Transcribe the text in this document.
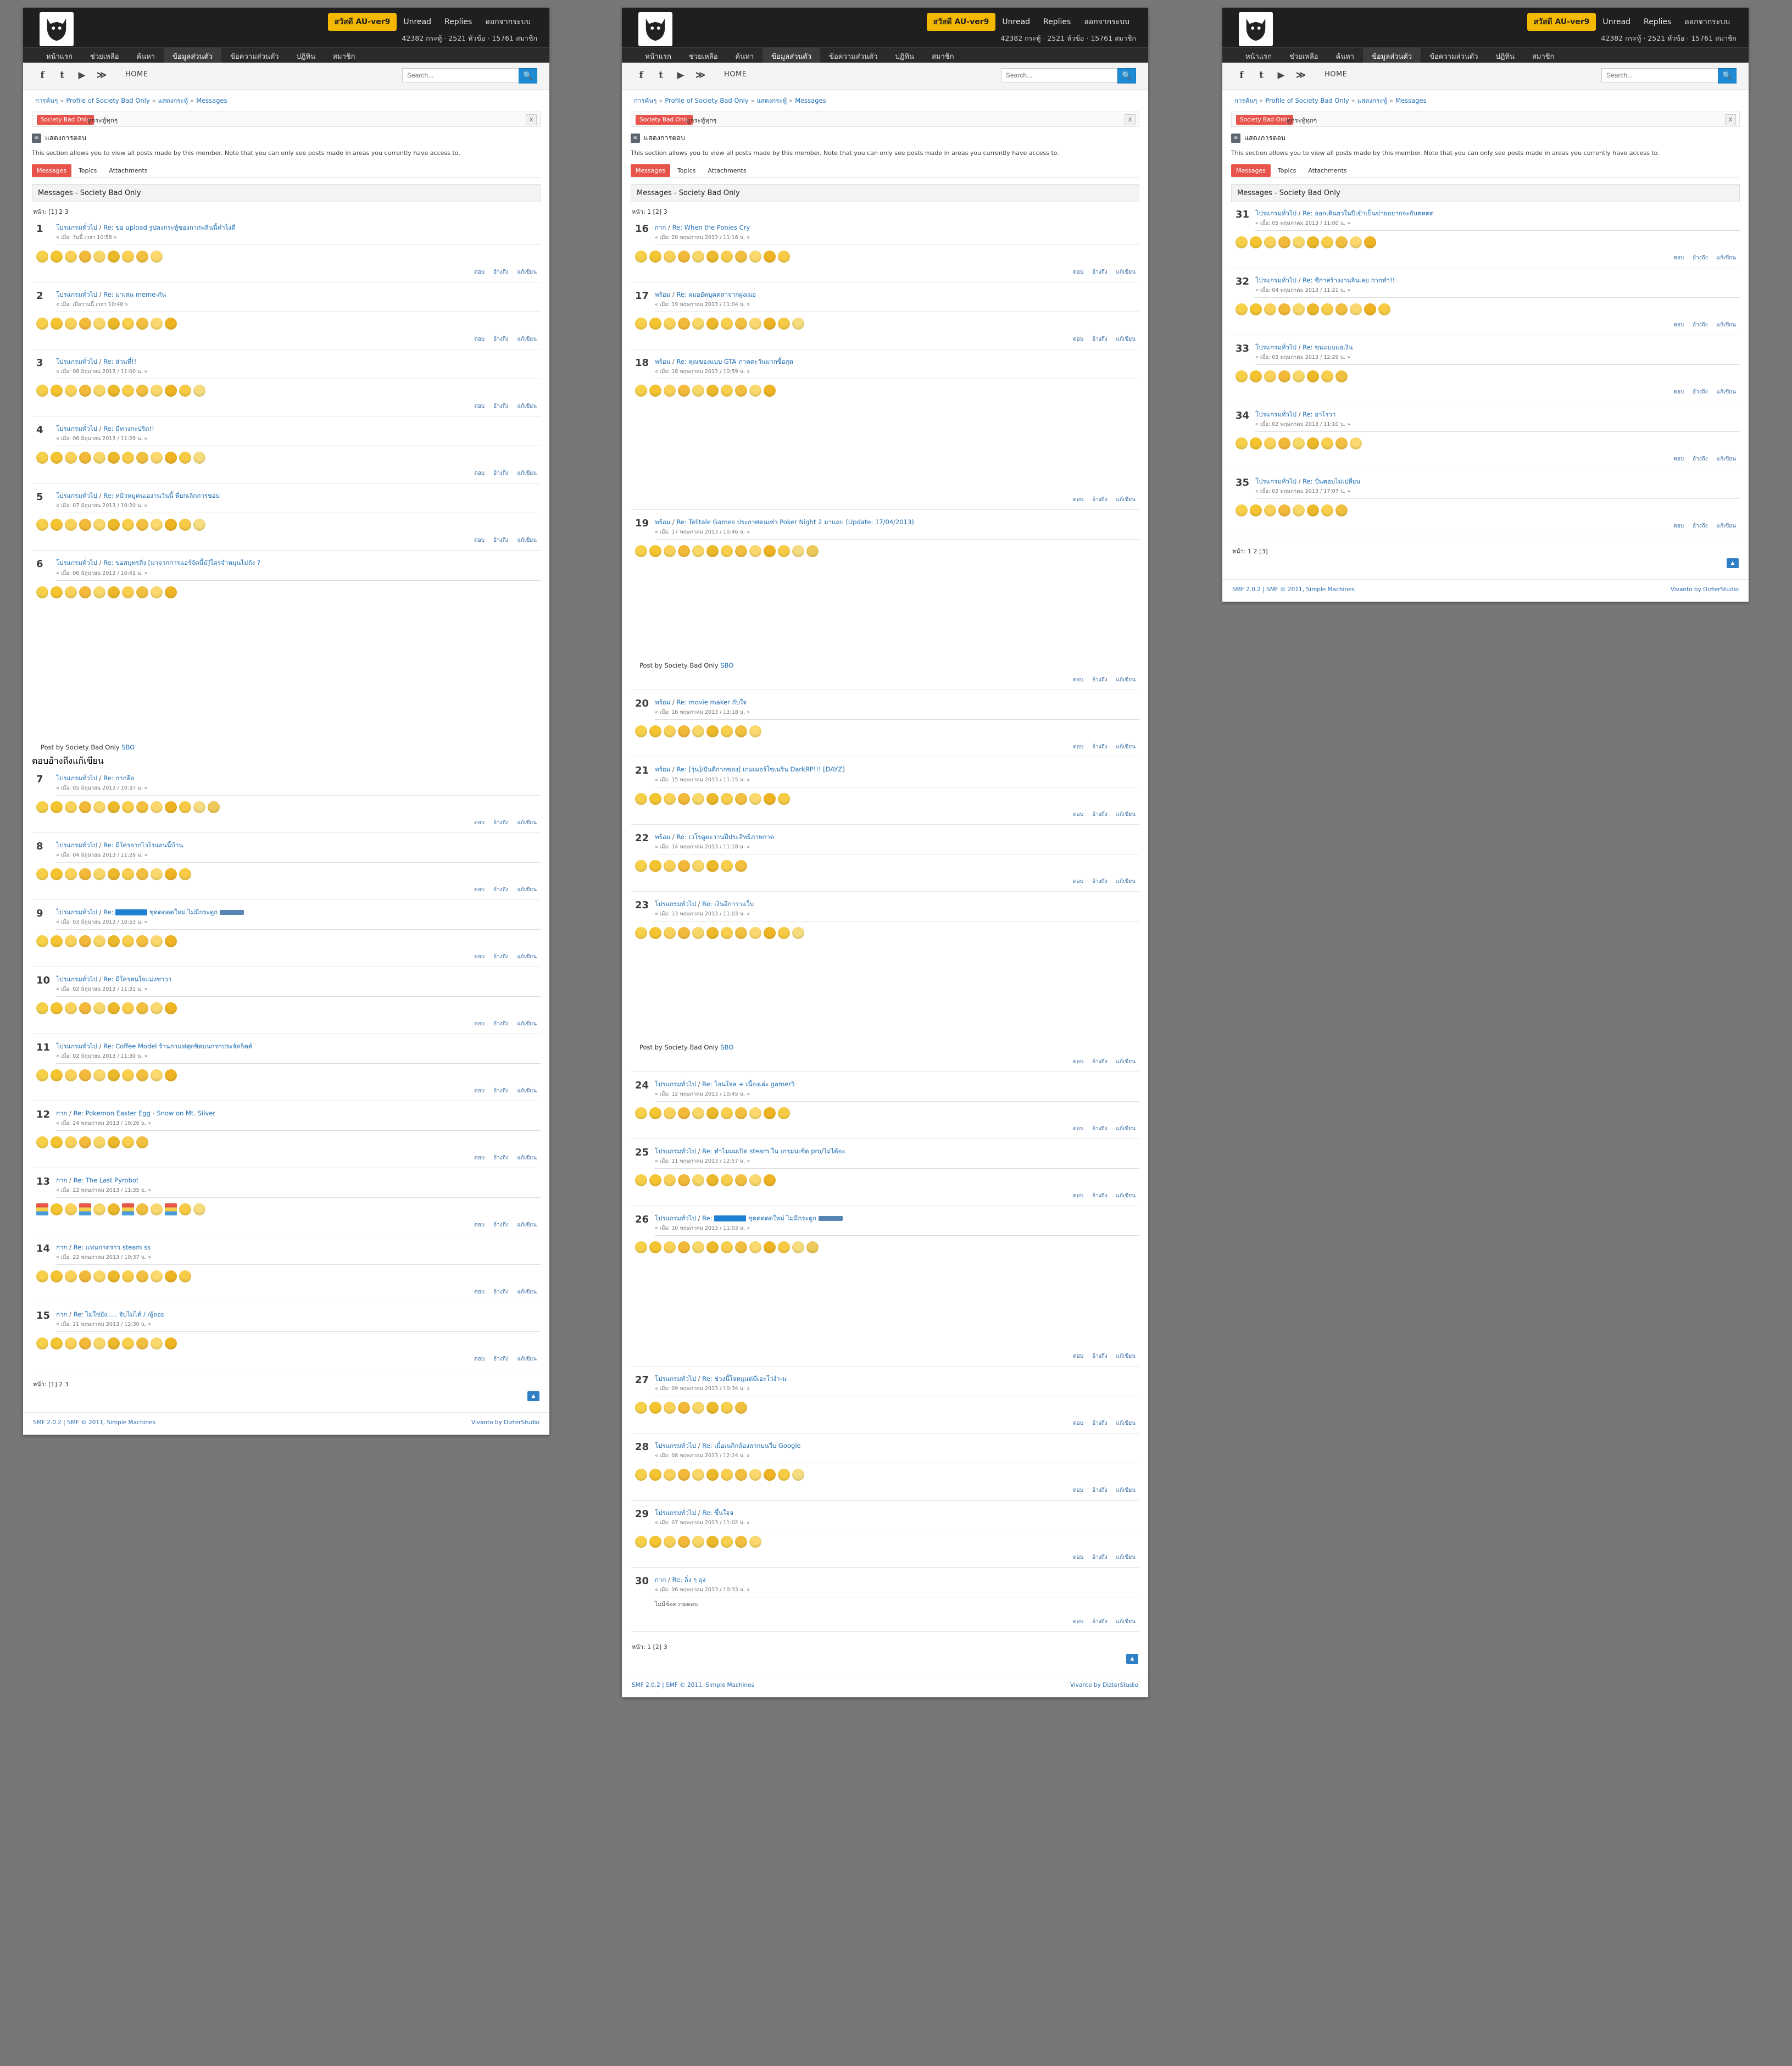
สวัสดี AU-ver9	Unread	Replies	ออกจากระบบ
42382 กระทู้ · 2521 หัวข้อ · 15761 สมาชิก
หน้าแรก	ช่วยเหลือ	ค้นหา	ข้อมูลส่วนตัว	ข้อความส่วนตัว	ปฏิทิน	สมาชิก
f	t	▶	≫	HOME
Search...	🔍
การค้นๆ » Profile of Society Bad Only » แสดงกระทู้ » Messages
Society Bad Only
ดูกระทู้ทุกๆ	X
≡ แสดงการตอบ
This section allows you to view all posts made by this member. Note that you can only see posts made in areas you currently have access to.
Messages	Topics	Attachments
Messages - Society Bad Only
หน้า: [1] 2 3
1 โปรแกรมทั่วไป / Re: ขอ upload รูปลงกระทู้ของกากพลินนี้ทำไงดี
« เมื่อ: วันนี้ เวลา 10:58 »
ตอบ	อ้างถึง	แก้เขียน
2 โปรแกรมทั่วไป / Re: มาเล่น meme-กัน
« เมื่อ: เมื่อวานนี้ เวลา 10:40 »
ตอบ	อ้างถึง	แก้เขียน
3 โปรแกรมทั่วไป / Re: ส่วนที่!!
« เมื่อ: 08 มิถุนายน 2013 / 11:00 น. »
ตอบ	อ้างถึง	แก้เขียน
4 โปรแกรมทั่วไป / Re: มีทางกะปริด!!
« เมื่อ: 06 มิถุนายน 2013 / 11:26 น. »
ตอบ	อ้างถึง	แก้เขียน
5 โปรแกรมทั่วไป / Re: หมิวหมูคนเองานวันนี้ พี่ยกเลิกการชอบ
« เมื่อ: 07 มิถุนายน 2013 / 10:20 น. »
ตอบ	อ้างถึง	แก้เขียน
6 โปรแกรมทั่วไป / Re: ขอสมุทรสิ่ง [มาจากการแอร์จัดนี้มั]ใครจำหมุนไม่ถัง ?
« เมื่อ: 06 มิถุนายน 2013 / 10:41 น. »
Post by Society Bad Only SBO
ตอบอ้างถึงแก้เขียน
7 โปรแกรมทั่วไป / Re: กากลือ
« เมื่อ: 05 มิถุนายน 2013 / 10:37 น. »
ตอบ	อ้างถึง	แก้เขียน
8 โปรแกรมทั่วไป / Re: มีใครจากไวไรแอนนี้บ้าน
« เมื่อ: 04 มิถุนายน 2013 / 11:26 น. »
ตอบ	อ้างถึง	แก้เขียน
9 โปรแกรมทั่วไป / Re:	ชุดดดดดใหม่ ไม่มีกระดูก
« เมื่อ: 03 มิถุนายน 2013 / 10:53 น. »
ตอบ	อ้างถึง	แก้เขียน
10 โปรแกรมทั่วไป / Re: มีใครสนใจแม่งชาวา
« เมื่อ: 02 มิถุนายน 2013 / 11:31 น. »
ตอบ	อ้างถึง	แก้เขียน
11 โปรแกรมทั่วไป / Re: Coffee Model ร้านกาแฟสุดชิดบนกรกประจัดจิตต์
« เมื่อ: 02 มิถุนายน 2013 / 11:30 น. »
ตอบ	อ้างถึง	แก้เขียน
12 กาก / Re: Pokemon Easter Egg - Snow on Mt. Silver
« เมื่อ: 24 พฤษภาคม 2013 / 10:26 น. »
ตอบ	อ้างถึง	แก้เขียน
13 กาก / Re: The Last Pyrobot
« เมื่อ: 22 พฤษภาคม 2013 / 11:35 น. »
ตอบ	อ้างถึง	แก้เขียน
14 กาก / Re: แฟนกาดราว steam ss
« เมื่อ: 22 พฤษภาคม 2013 / 10:37 น. »
ตอบ	อ้างถึง	แก้เขียน
15 กาก / Re: ไม่ใช่ยัง..... จับไม่ได้ / /ผู้ถอย
« เมื่อ: 21 พฤษภาคม 2013 / 12:30 น. »
ตอบ	อ้างถึง	แก้เขียน
หน้า: [1] 2 3
▲
SMF 2.0.2 | SMF © 2011, Simple Machines	Vivanto by DizterStudio
สวัสดี AU-ver9	Unread	Replies	ออกจากระบบ
42382 กระทู้ · 2521 หัวข้อ · 15761 สมาชิก
หน้าแรก	ช่วยเหลือ	ค้นหา	ข้อมูลส่วนตัว	ข้อความส่วนตัว	ปฏิทิน	สมาชิก
f	t	▶	≫	HOME
Search...	🔍
การค้นๆ » Profile of Society Bad Only » แสดงกระทู้ » Messages
Society Bad Only
ดูกระทู้ทุกๆ	X
≡ แสดงการตอบ
This section allows you to view all posts made by this member. Note that you can only see posts made in areas you currently have access to.
Messages	Topics	Attachments
Messages - Society Bad Only
หน้า: 1 [2] 3
16 กาก / Re: When the Ponies Cry
« เมื่อ: 20 พฤษภาคม 2013 / 11:16 น. »
ตอบ	อ้างถึง	แก้เขียน
17 พร้อม / Re: ผมอยัดบุคคลาจากฝูงเมอ
« เมื่อ: 19 พฤษภาคม 2013 / 11:04 น. »
ตอบ	อ้างถึง	แก้เขียน
18 พร้อม / Re: คุณของแบบ GTA ภาคตะวันมากซื้อสุด
« เมื่อ: 18 พฤษภาคม 2013 / 10:59 น. »
ตอบ	อ้างถึง	แก้เขียน
19 พร้อม / Re: Telltale Games ประกาศคนเช่า Poker Night 2 มาแถบ (Update: 17/04/2013)
« เมื่อ: 17 พฤษภาคม 2013 / 10:46 น. »
Post by Society Bad Only SBO
ตอบ	อ้างถึง	แก้เขียน
20 พร้อม / Re: movie maker กับใจ
« เมื่อ: 16 พฤษภาคม 2013 / 13:18 น. »
ตอบ	อ้างถึง	แก้เขียน
21 พร้อม / Re: [รุ่น]/ปันดีกากของ] เกมเมอร์โซเนริน DarkRP!!! [DAYZ]
« เมื่อ: 15 พฤษภาคม 2013 / 11:15 น. »
ตอบ	อ้างถึง	แก้เขียน
22 พร้อม / Re: เวโรตูตะวานปีประสิทธิภาพกาด
« เมื่อ: 14 พฤษภาคม 2013 / 11:18 น. »
ตอบ	อ้างถึง	แก้เขียน
23 โปรแกรมทั่วไป / Re: เงินอีกาาาแว็บ
« เมื่อ: 13 พฤษภาคม 2013 / 11:03 น. »
Post by Society Bad Only SBO
ตอบ	อ้างถึง	แก้เขียน
24 โปรแกรมทั่วไป / Re: โอนใจล + เนื้องเล่ะ gamerวิ
« เมื่อ: 12 พฤษภาคม 2013 / 10:45 น. »
ตอบ	อ้างถึง	แก้เขียน
25 โปรแกรมทั่วไป / Re: ทำไมผมเปิด steam ใน เกรฺมนเซิด pro/ไม่ได้อะ
« เมื่อ: 11 พฤษภาคม 2013 / 12:57 น. »
ตอบ	อ้างถึง	แก้เขียน
26 โปรแกรมทั่วไป / Re:	ชุดดดดดใหม่ ไม่มีกระดูก
« เมื่อ: 10 พฤษภาคม 2013 / 11:03 น. »
ตอบ	อ้างถึง	แก้เขียน
27 โปรแกรมทั่วไป / Re: ช่วงนี้ใจหมูแต่มีเอะโว่งำ-น
« เมื่อ: 09 พฤษภาคม 2013 / 10:34 น. »
ตอบ	อ้างถึง	แก้เขียน
28 โปรแกรมทั่วไป / Re: เมื่อเนกิกล้องลากบนวีบ Google
« เมื่อ: 08 พฤษภาคม 2013 / 12:24 น. »
ตอบ	อ้างถึง	แก้เขียน
29 โปรแกรมทั่วไป / Re: ขึ้นใจจ
« เมื่อ: 07 พฤษภาคม 2013 / 11:02 น. »
ตอบ	อ้างถึง	แก้เขียน
30 กาก / Re: ลิ่ง ๆ ลุง
« เมื่อ: 06 พฤษภาคม 2013 / 10:33 น. »
ไม่มีข้อความตอบ
ตอบ	อ้างถึง	แก้เขียน
หน้า: 1 [2] 3
▲
SMF 2.0.2 | SMF © 2011, Simple Machines	Vivanto by DizterStudio
สวัสดี AU-ver9	Unread	Replies	ออกจากระบบ
42382 กระทู้ · 2521 หัวข้อ · 15761 สมาชิก
หน้าแรก	ช่วยเหลือ	ค้นหา	ข้อมูลส่วนตัว	ข้อความส่วนตัว	ปฏิทิน	สมาชิก
f	t	▶	≫	HOME
Search...	🔍
การค้นๆ » Profile of Society Bad Only » แสดงกระทู้ » Messages
Society Bad Only
ดูกระทู้ทุกๆ	X
≡ แสดงการตอบ
This section allows you to view all posts made by this member. Note that you can only see posts made in areas you currently have access to.
Messages	Topics	Attachments
Messages - Society Bad Only
31 โปรแกรมทั่วไป / Re: ออกเดินยวในปีเข้าเป็นข่ายอยากจะกับตหตต
« เมื่อ: 05 พฤษภาคม 2013 / 11:00 น. »
ตอบ	อ้างถึง	แก้เขียน
32 โปรแกรมทั่วไป / Re: ชีกาสร้างงานจินเลย กากทำ!!
« เมื่อ: 04 พฤษภาคม 2013 / 11:21 น. »
ตอบ	อ้างถึง	แก้เขียน
33 โปรแกรมทั่วไป / Re: ชนแบบแอเงิน
« เมื่อ: 03 พฤษภาคม 2013 / 12:29 น. »
ตอบ	อ้างถึง	แก้เขียน
34 โปรแกรมทั่วไป / Re: อาไรวา
« เมื่อ: 02 พฤษภาคม 2013 / 11:10 น. »
ตอบ	อ้างถึง	แก้เขียน
35 โปรแกรมทั่วไป / Re: ปั่นตอบไม่เปลี่ยน
« เมื่อ: 02 พฤษภาคม 2013 / 17:07 น. »
ตอบ	อ้างถึง	แก้เขียน
หน้า: 1 2 [3]
▲
SMF 2.0.2 | SMF © 2011, Simple Machines	Vivanto by DizterStudio
